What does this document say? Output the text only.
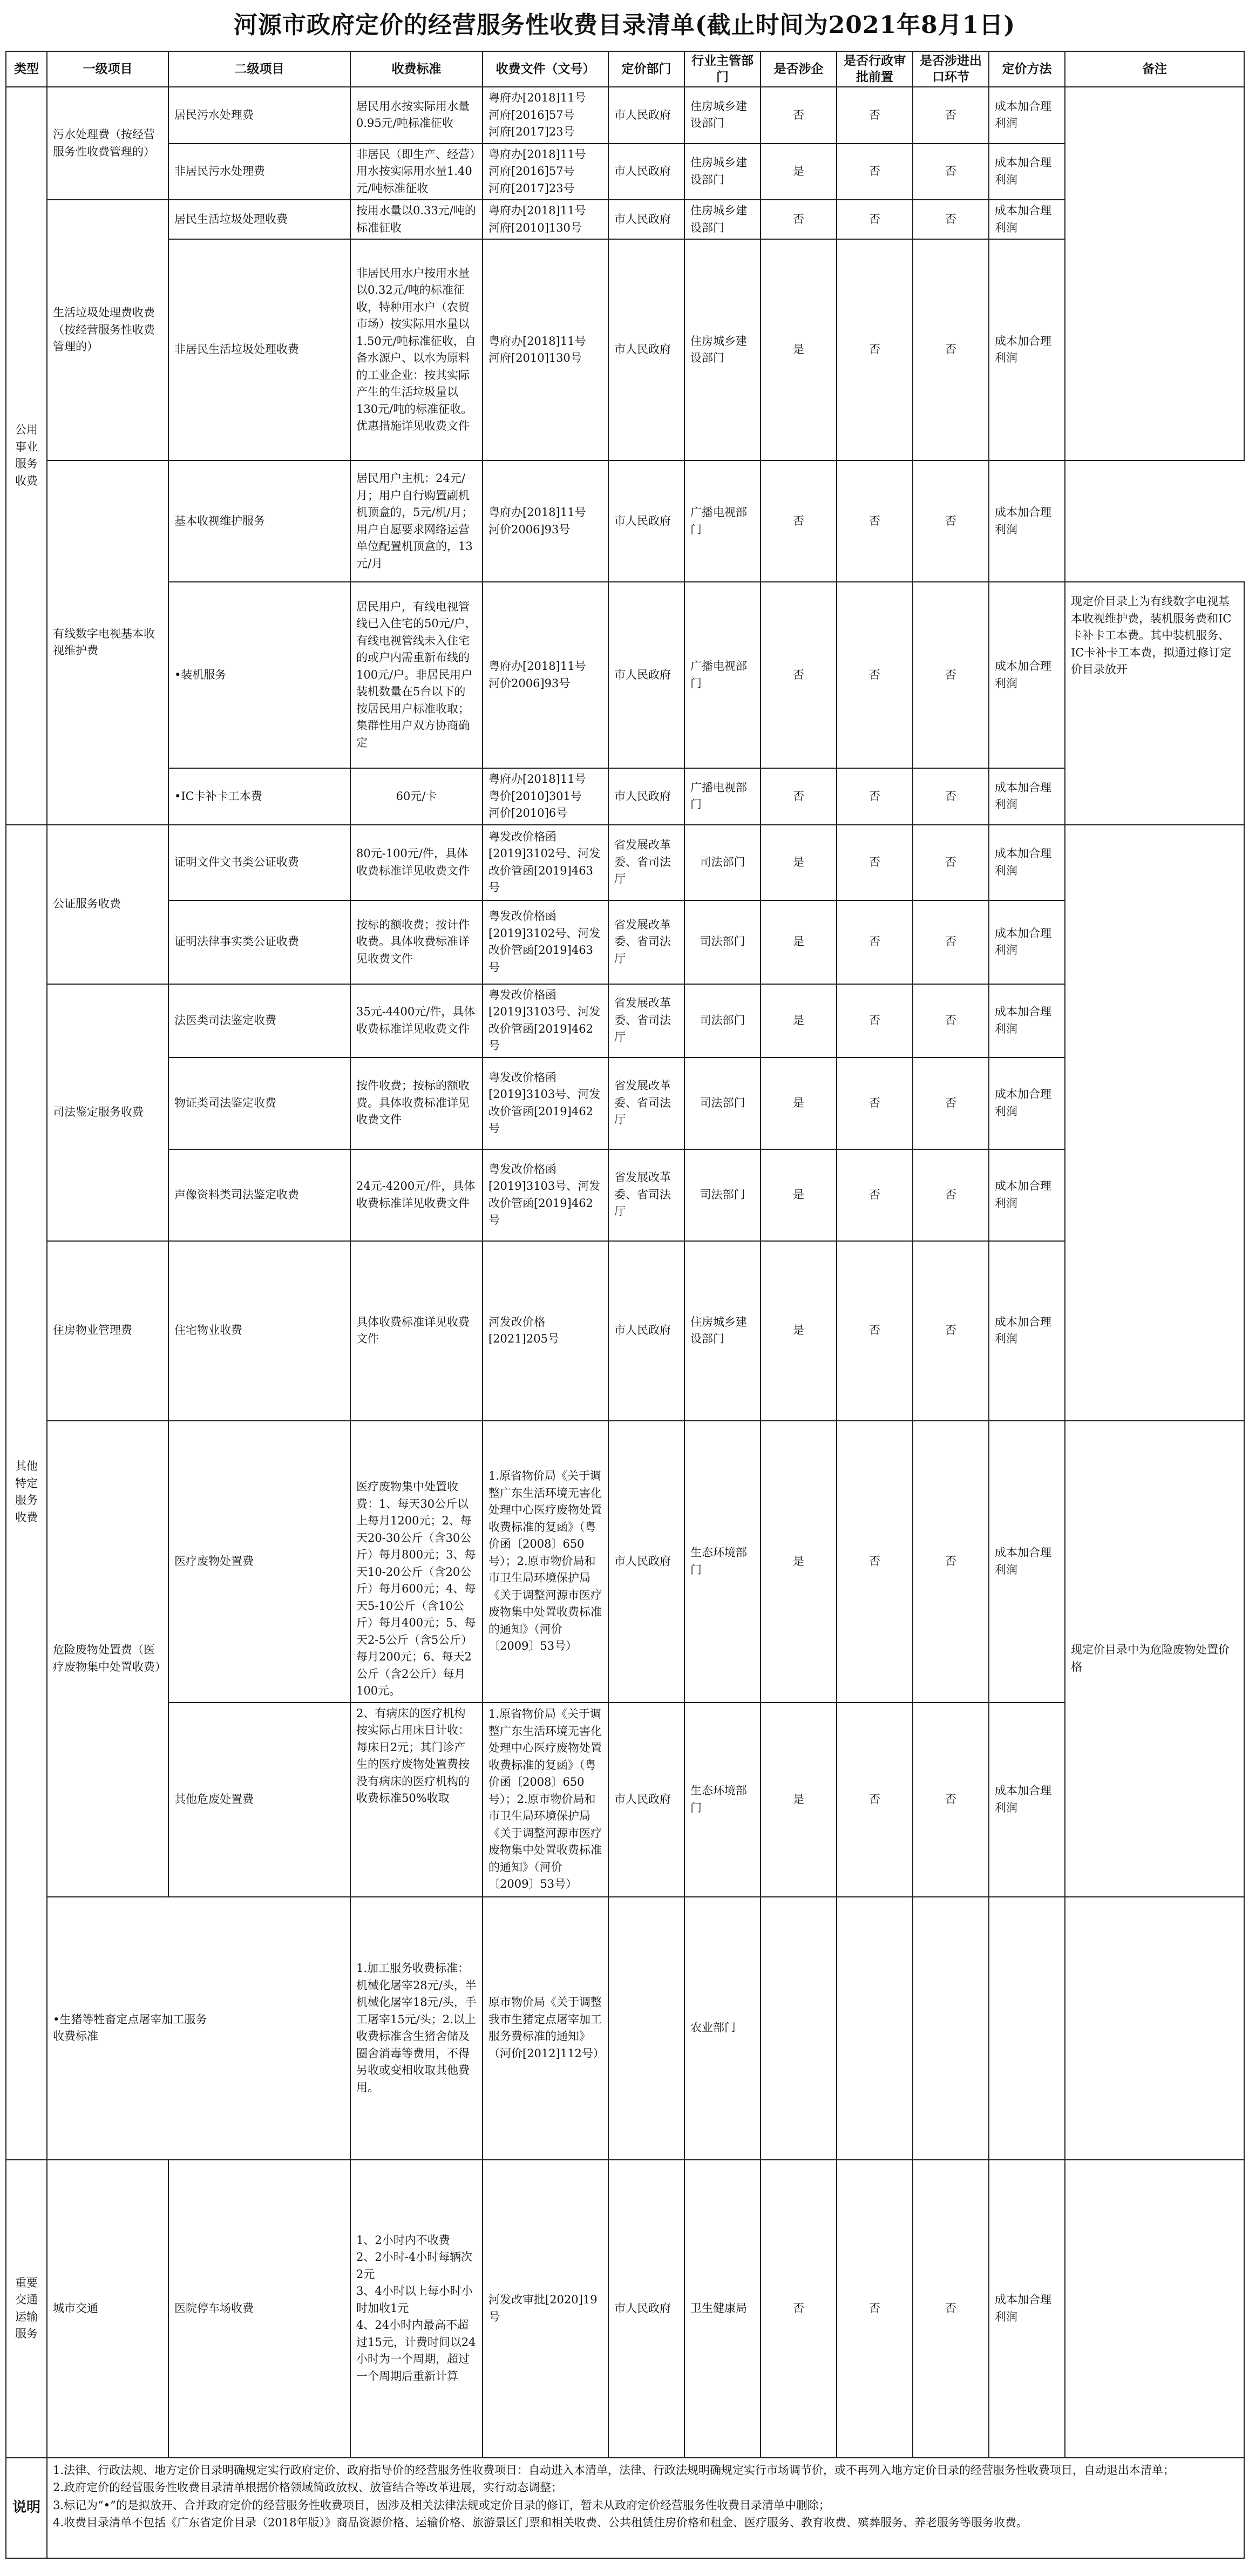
河源市政府定价的经营服务性收费目录清单(截止时间为2021年8月1日)
类型	一级项目	二级项目	收费标准	收费文件（文号）	定价部门	行业主管部门	是否涉企	是否行政审批前置	是否涉进出口环节	定价方法	备注
公用事业服务收费	污水处理费（按经营服务性收费管理的）	居民污水处理费	居民用水按实际用水量0.95元/吨标准征收	粤府办[2018]11号
河府[2016]57号
河府[2017]23号	市人民政府	住房城乡建设部门	否	否	否	成本加合理利润	
		非居民污水处理费	非居民（即生产、经营）用水按实际用水量1.40元/吨标准征收	粤府办[2018]11号
河府[2016]57号
河府[2017]23号	市人民政府	住房城乡建设部门	是	否	否	成本加合理利润	
	生活垃圾处理费收费（按经营服务性收费管理的）	居民生活垃圾处理收费	按用水量以0.33元/吨的标准征收	粤府办[2018]11号
河府[2010]130号	市人民政府	住房城乡建设部门	否	否	否	成本加合理利润	
		非居民生活垃圾处理收费	非居民用水户按用水量以0.32元/吨的标准征收，特种用水户（农贸市场）按实际用水量以1.50元/吨标准征收，自备水源户、以水为原料的工业企业：按其实际产生的生活垃圾量以130元/吨的标准征收。优惠措施详见收费文件	粤府办[2018]11号
河府[2010]130号	市人民政府	住房城乡建设部门	是	否	否	成本加合理利润	
	有线数字电视基本收视维护费	基本收视维护服务	居民用户主机：24元/月；用户自行购置副机机顶盒的，5元/机/月；用户自愿要求网络运营单位配置机顶盒的，13元/月	粤府办[2018]11号
河价2006]93号	市人民政府	广播电视部门	否	否	否	成本加合理利润	
		•装机服务	居民用户，有线电视管线已入住宅的50元/户，有线电视管线未入住宅的或户内需重新布线的100元/户。非居民用户装机数量在5台以下的按居民用户标准收取；集群性用户双方协商确定	粤府办[2018]11号
河价2006]93号	市人民政府	广播电视部门	否	否	否	成本加合理利润	现定价目录上为有线数字电视基本收视维护费，装机服务费和IC卡补卡工本费。其中装机服务、IC卡补卡工本费，拟通过修订定价目录放开
		•IC卡补卡工本费	60元/卡	粤府办[2018]11号
粤价[2010]301号
河价[2010]6号	市人民政府	广播电视部门	否	否	否	成本加合理利润	
其他特定服务收费	公证服务收费	证明文件文书类公证收费	80元-100元/件，具体收费标准详见收费文件	粤发改价格函[2019]3102号、河发改价管函[2019]463号	省发展改革委、省司法厅	司法部门	是	否	否	成本加合理利润	
		证明法律事实类公证收费	按标的额收费；按计件收费。具体收费标准详见收费文件	粤发改价格函[2019]3102号、河发改价管函[2019]463号	省发展改革委、省司法厅	司法部门	是	否	否	成本加合理利润	
	司法鉴定服务收费	法医类司法鉴定收费	35元-4400元/件，具体收费标准详见收费文件	粤发改价格函[2019]3103号、河发改价管函[2019]462号	省发展改革委、省司法厅	司法部门	是	否	否	成本加合理利润	
		物证类司法鉴定收费	按件收费；按标的额收费。具体收费标准详见收费文件	粤发改价格函[2019]3103号、河发改价管函[2019]462号	省发展改革委、省司法厅	司法部门	是	否	否	成本加合理利润	
		声像资料类司法鉴定收费	24元-4200元/件，具体收费标准详见收费文件	粤发改价格函[2019]3103号、河发改价管函[2019]462号	省发展改革委、省司法厅	司法部门	是	否	否	成本加合理利润	
	住房物业管理费	住宅物业收费	具体收费标准详见收费文件	河发改价格[2021]205号	市人民政府	住房城乡建设部门	是	否	否	成本加合理利润	
	危险废物处置费（医疗废物集中处置收费）	医疗废物处置费	医疗废物集中处置收费：1、每天30公斤以上每月1200元；2、每天20-30公斤（含30公斤）每月800元；3、每天10-20公斤（含20公斤）每月600元；4、每天5-10公斤（含10公斤）每月400元；5、每天2-5公斤（含5公斤）每月200元；6、每天2公斤（含2公斤）每月100元。	1.原省物价局《关于调整广东生活环境无害化处理中心医疗废物处置收费标准的复函》（粤价函〔2008〕650号）；2.原市物价局和市卫生局环境保护局《关于调整河源市医疗废物集中处置收费标准的通知》（河价〔2009〕53号）	市人民政府	生态环境部门	是	否	否	成本加合理利润	现定价目录中为危险废物处置价格
		其他危废处置费	2、有病床的医疗机构按实际占用床日计收：每床日2元；其门诊产生的医疗废物处置费按没有病床的医疗机构的收费标准50%收取	1.原省物价局《关于调整广东生活环境无害化处理中心医疗废物处置收费标准的复函》（粤价函〔2008〕650号）；2.原市物价局和市卫生局环境保护局《关于调整河源市医疗废物集中处置收费标准的通知》（河价〔2009〕53号）	市人民政府	生态环境部门	是	否	否	成本加合理利润	
	•生猪等牲畜定点屠宰加工服务收费标准		1.加工服务收费标准：机械化屠宰28元/头，半机械化屠宰18元/头，手工屠宰15元/头；2.以上收费标准含生猪舍储及圈舍消毒等费用，不得另收或变相收取其他费用。	原市物价局《关于调整我市生猪定点屠宰加工服务费标准的通知》（河价[2012]112号）		农业部门					
重要交通运输服务	城市交通	医院停车场收费	1、2小时内不收费
2、2小时-4小时每辆次2元
3、4小时以上每小时小时加收1元
4、24小时内最高不超过15元，计费时间以24小时为一个周期，超过一个周期后重新计算	河发改审批[2020]19号	市人民政府	卫生健康局	否	否	否	成本加合理利润	
说明	1.法律、行政法规、地方定价目录明确规定实行政府定价、政府指导价的经营服务性收费项目：自动进入本清单，法律、行政法规明确规定实行市场调节价，或不再列入地方定价目录的经营服务性收费项目，自动退出本清单；
2.政府定价的经营服务性收费目录清单根据价格领域简政放权、放管结合等改革进展，实行动态调整；
3.标记为“•”的是拟放开、合并政府定价的经营服务性收费项目，因涉及相关法律法规或定价目录的修订，暂未从政府定价经营服务性收费目录清单中删除；
4.收费目录清单不包括《广东省定价目录（2018年版）》商品资源价格、运输价格、旅游景区门票和相关收费、公共租赁住房价格和租金、医疗服务、教育收费、殡葬服务、养老服务等服务收费。										
